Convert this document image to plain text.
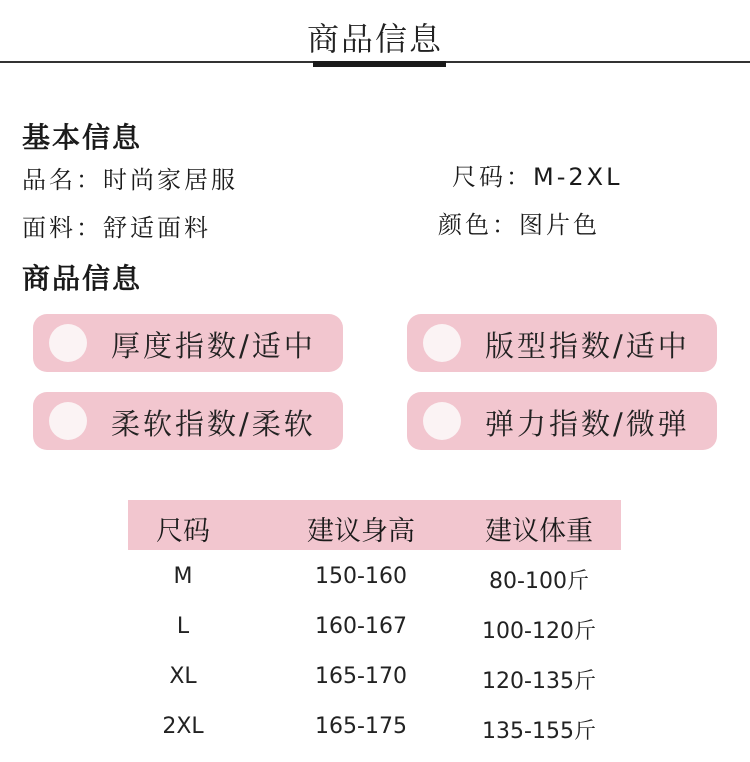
商品信息
基本信息
品名：时尚家居服	尺码：M-2XL
面料：舒适面料	颜色：图片色
商品信息
厚度指数/适中	版型指数/适中
柔软指数/柔软	弹力指数/微弹
尺码	建议身高	建议体重
M	150-160	80-100斤
L	160-167	100-120斤
XL	165-170	120-135斤
2XL	165-175	135-155斤
